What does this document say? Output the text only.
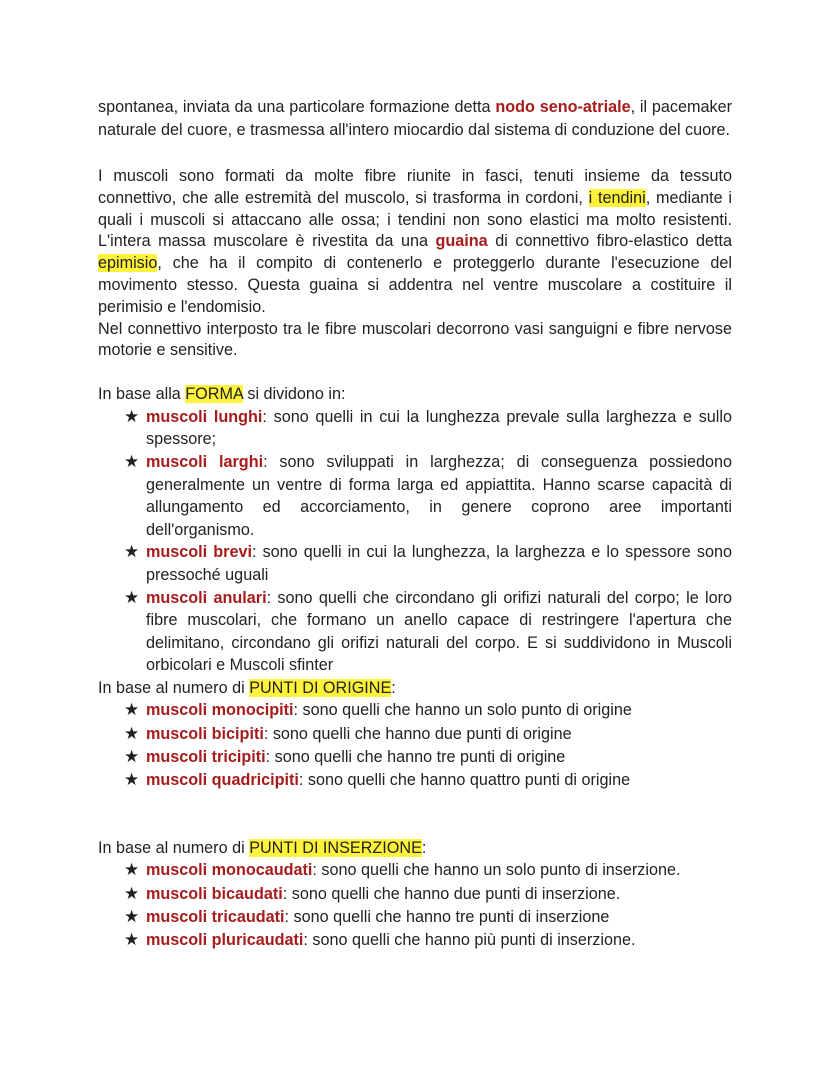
spontanea, inviata da una particolare formazione detta nodo seno-atriale, il pacemaker naturale del cuore, e trasmessa all'intero miocardio dal sistema di conduzione del cuore.

I muscoli sono formati da molte fibre riunite in fasci, tenuti insieme da tessuto connettivo, che alle estremità del muscolo, si trasforma in cordoni, i tendini, mediante i quali i muscoli si attaccano alle ossa; i tendini non sono elastici ma molto resistenti. L'intera massa muscolare è rivestita da una guaina di connettivo fibro-elastico detta epimisio, che ha il compito di contenerlo e proteggerlo durante l'esecuzione del movimento stesso. Questa guaina si addentra nel ventre muscolare a costituire il perimisio e l'endomisio.

Nel connettivo interposto tra le fibre muscolari decorrono vasi sanguigni e fibre nervose motorie e sensitive.

In base alla FORMA si dividono in:

★ muscoli lunghi: sono quelli in cui la lunghezza prevale sulla larghezza e sullo spessore;
★ muscoli larghi: sono sviluppati in larghezza; di conseguenza possiedono generalmente un ventre di forma larga ed appiattita. Hanno scarse capacità di allungamento ed accorciamento, in genere coprono aree importanti dell'organismo.
★ muscoli brevi: sono quelli in cui la lunghezza, la larghezza e lo spessore sono pressoché uguali
★ muscoli anulari: sono quelli che circondano gli orifizi naturali del corpo; le loro fibre muscolari, che formano un anello capace di restringere l'apertura che delimitano, circondano gli orifizi naturali del corpo. E si suddividono in Muscoli orbicolari e Muscoli sfinter

In base al numero di PUNTI DI ORIGINE:

★ muscoli monocipiti: sono quelli che hanno un solo punto di origine
★ muscoli bicipiti: sono quelli che hanno due punti di origine
★ muscoli tricipiti: sono quelli che hanno tre punti di origine
★ muscoli quadricipiti: sono quelli che hanno quattro punti di origine

In base al numero di PUNTI DI INSERZIONE:

★ muscoli monocaudati: sono quelli che hanno un solo punto di inserzione.
★ muscoli bicaudati: sono quelli che hanno due punti di inserzione.
★ muscoli tricaudati: sono quelli che hanno tre punti di inserzione
★ muscoli pluricaudati: sono quelli che hanno più punti di inserzione.
